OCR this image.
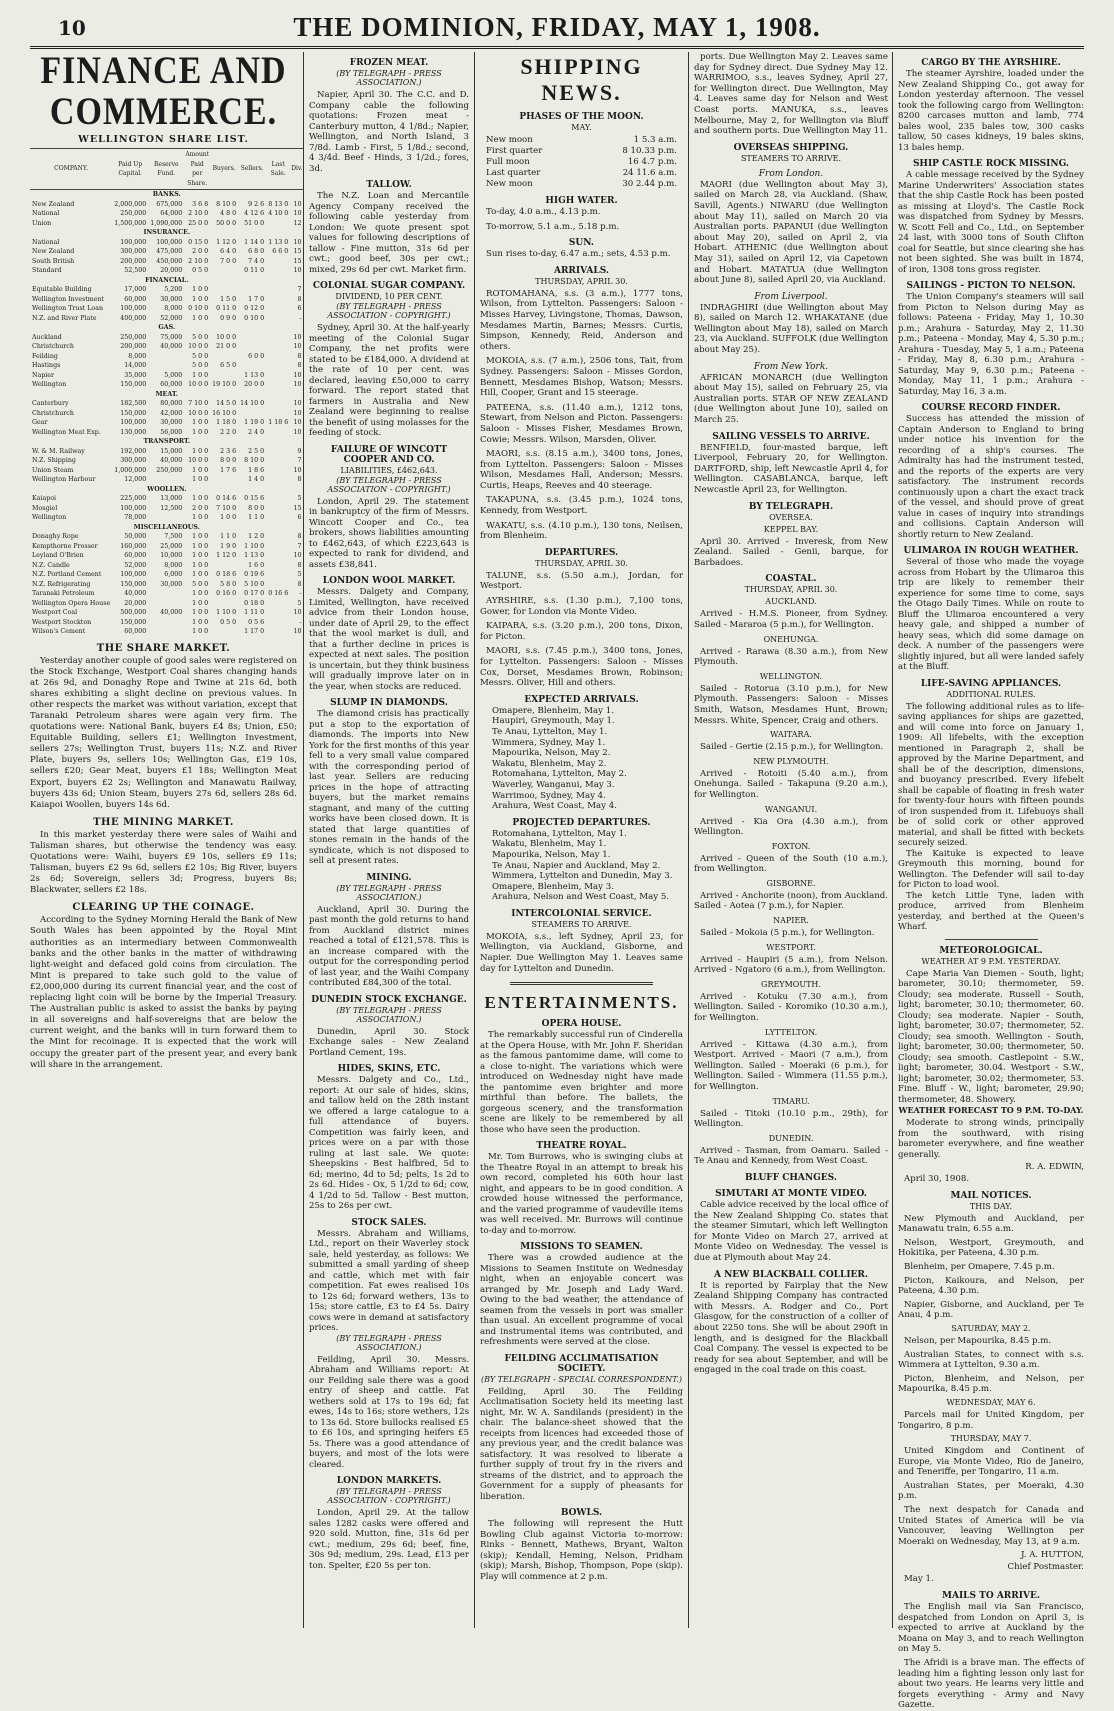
10	THE DOMINION, FRIDAY, MAY 1, 1908.
FINANCE AND COMMERCE.
WELLINGTON SHARE LIST.
COMPANY.	Paid Up Capital.	Reserve Fund.	Amount Paid per Share.	Buyers.	Sellers.	Last Sale.	Div.
BANKS.							
New Zealand	2,000,000	675,000	3 6 8	8 10 0	9 2 6	8 13 0	10
National	250,000	64,000	2 10 0	4 8 0	4 12 6	4 10 0	10
Union	1,500,000	1,090,000	25 0 0	50 0 0	51 0 0		12
INSURANCE.							
National	100,000	100,000	0 15 0	1 12 0	1 14 0	1 13 0	10
New Zealand	300,000	475,000	2 0 0	6 4 0	6 8 0	6 6 0	15
South British	200,000	450,000	2 10 0	7 0 0	7 4 0		15
Standard	52,500	20,000	0 5 0		0 11 0		10
FINANCIAL.							
Equitable Building	17,000	5,200	1 0 0				7
Wellington Investment	60,000	30,000	1 0 0	1 5 0	1 7 0		8
Wellington Trust Loan	100,000	8,000	0 10 0	0 11 0	0 12 0		6
N.Z. and River Plate	400,000	52,000	1 0 0	0 9 0	0 10 0		-
GAS.							
Auckland	250,000	75,000	5 0 0	10 0 0			10
Christchurch	200,000	40,000	10 0 0	21 0 0			10
Feilding	8,000		5 0 0		6 0 0		8
Hastings	14,000		5 0 0	6 5 0			8
Napier	35,000	5,000	1 0 0		1 13 0		10
Wellington	150,000	60,000	10 0 0	19 10 0	20 0 0		10
MEAT.							
Canterbury	182,500	80,000	7 10 0	14 5 0	14 10 0		10
Christchurch	150,000	42,000	10 0 0	16 10 0			10
Gear	100,000	30,000	1 0 0	1 18 0	1 19 0	1 18 6	10
Wellington Meat Exp.	130,000	56,000	1 0 0	2 2 0	2 4 0		10
TRANSPORT.							
W. & M. Railway	192,000	15,000	1 0 0	2 3 6	2 5 0		9
N.Z. Shipping	300,000	40,000	10 0 0	8 0 0	8 10 0		7
Union Steam	1,000,000	250,000	1 0 0	1 7 6	1 8 6		10
Wellington Harbour	12,000		1 0 0		1 4 0		8
WOOLLEN.							
Kaiapoi	225,000	13,000	1 0 0	0 14 6	0 15 6		5
Mosgiel	100,000	12,500	2 0 0	7 10 0	8 0 0		15
Wellington	78,000		1 0 0	1 0 0	1 1 0		6
MISCELLANEOUS.							
Donaghy Rope	50,000	7,500	1 0 0	1 1 0	1 2 0		8
Kempthorne Prosser	160,000	25,000	1 0 0	1 9 0	1 10 0		7
Leyland O'Brien	60,000	10,000	1 0 0	1 12 0	1 13 0		10
N.Z. Candle	52,000	8,000	1 0 0		1 6 0		8
N.Z. Portland Cement	100,000	6,000	1 0 0	0 18 6	0 19 6		5
N.Z. Refrigerating	150,000	30,000	5 0 0	5 8 0	5 10 0		8
Taranaki Petroleum	40,000		1 0 0	0 16 0	0 17 0	0 16 6	-
Wellington Opera House	20,000		1 0 0		0 18 0		5
Westport Coal	500,000	40,000	1 0 0	1 10 0	1 11 0		10
Westport Stockton	150,000		1 0 0	0 5 0	0 5 6		-
Wilson's Cement	60,000		1 0 0		1 17 0		10
THE SHARE MARKET.

Yesterday another couple of good sales were registered on the Stock Exchange, Westport Coal shares changing hands at 26s 9d, and Donaghy Rope and Twine at 21s 6d, both shares exhibiting a slight decline on previous values. In other respects the market was without variation, except that Taranaki Petroleum shares were again very firm. The quotations were: National Bank, buyers £4 8s; Union, £50; Equitable Building, sellers £1; Wellington Investment, sellers 27s; Wellington Trust, buyers 11s; N.Z. and River Plate, buyers 9s, sellers 10s; Wellington Gas, £19 10s, sellers £20; Gear Meat, buyers £1 18s; Wellington Meat Export, buyers £2 2s; Wellington and Manawatu Railway, buyers 43s 6d; Union Steam, buyers 27s 6d, sellers 28s 6d. Kaiapoi Woollen, buyers 14s 6d.

THE MINING MARKET.

In this market yesterday there were sales of Waihi and Talisman shares, but otherwise the tendency was easy. Quotations were: Waihi, buyers £9 10s, sellers £9 11s; Talisman, buyers £2 9s 6d, sellers £2 10s; Big River, buyers 2s 6d; Sovereign, sellers 3d; Progress, buyers 8s; Blackwater, sellers £2 18s.

CLEARING UP THE COINAGE.

According to the Sydney Morning Herald the Bank of New South Wales has been appointed by the Royal Mint authorities as an intermediary between Commonwealth banks and the other banks in the matter of withdrawing light-weight and defaced gold coins from circulation. The Mint is prepared to take such gold to the value of £2,000,000 during its current financial year, and the cost of replacing light coin will be borne by the Imperial Treasury. The Australian public is asked to assist the banks by paying in all sovereigns and half-sovereigns that are below the current weight, and the banks will in turn forward them to the Mint for recoinage. It is expected that the work will occupy the greater part of the present year, and every bank will share in the arrangement.

FROZEN MEAT.
(BY TELEGRAPH - PRESS ASSOCIATION.)

Napier, April 30. The C.C. and D. Company cable the following quotations: Frozen meat - Canterbury mutton, 4 1/8d.; Napier, Wellington, and North Island, 3 7/8d. Lamb - First, 5 1/8d.; second, 4 3/4d. Beef - Hinds, 3 1/2d.; fores, 3d.

TALLOW.

The N.Z. Loan and Mercantile Agency Company received the following cable yesterday from London: We quote present spot values for following descriptions of tallow - Fine mutton, 31s 6d per cwt.; good beef, 30s per cwt.; mixed, 29s 6d per cwt. Market firm.

COLONIAL SUGAR COMPANY.
DIVIDEND, 10 PER CENT.
(BY TELEGRAPH - PRESS ASSOCIATION - COPYRIGHT.)

Sydney, April 30. At the half-yearly meeting of the Colonial Sugar Company, the net profits were stated to be £184,000. A dividend at the rate of 10 per cent. was declared, leaving £50,000 to carry forward. The report stated that farmers in Australia and New Zealand were beginning to realise the benefit of using molasses for the feeding of stock.

FAILURE OF WINCOTT COOPER AND CO.
LIABILITIES, £462,643.
(BY TELEGRAPH - PRESS ASSOCIATION - COPYRIGHT.)

London, April 29. The statement in bankruptcy of the firm of Messrs. Wincott Cooper and Co., tea brokers, shows liabilities amounting to £462,643, of which £223,643 is expected to rank for dividend, and assets £38,841.

LONDON WOOL MARKET.

Messrs. Dalgety and Company, Limited, Wellington, have received advice from their London house, under date of April 29, to the effect that the wool market is dull, and that a further decline in prices is expected at next sales. The position is uncertain, but they think business will gradually improve later on in the year, when stocks are reduced.

SLUMP IN DIAMONDS.

The diamond crisis has practically put a stop to the exportation of diamonds. The imports into New York for the first months of this year fell to a very small value compared with the corresponding period of last year. Sellers are reducing prices in the hope of attracting buyers, but the market remains stagnant, and many of the cutting works have been closed down. It is stated that large quantities of stones remain in the hands of the syndicate, which is not disposed to sell at present rates.

MINING.
(BY TELEGRAPH - PRESS ASSOCIATION.)

Auckland, April 30. During the past month the gold returns to hand from Auckland district mines reached a total of £121,578. This is an increase compared with the output for the corresponding period of last year, and the Waihi Company contributed £84,300 of the total.

DUNEDIN STOCK EXCHANGE.
(BY TELEGRAPH - PRESS ASSOCIATION.)

Dunedin, April 30. Stock Exchange sales - New Zealand Portland Cement, 19s.

HIDES, SKINS, ETC.

Messrs. Dalgety and Co., Ltd., report: At our sale of hides, skins, and tallow held on the 28th instant we offered a large catalogue to a full attendance of buyers. Competition was fairly keen, and prices were on a par with those ruling at last sale. We quote: Sheepskins - Best halfbred, 5d to 6d; merino, 4d to 5d; pelts, 1s 2d to 2s 6d. Hides - Ox, 5 1/2d to 6d; cow, 4 1/2d to 5d. Tallow - Best mutton, 25s to 26s per cwt.

STOCK SALES.

Messrs. Abraham and Williams, Ltd., report on their Waverley stock sale, held yesterday, as follows: We submitted a small yarding of sheep and cattle, which met with fair competition. Fat ewes realised 10s to 12s 6d; forward wethers, 13s to 15s; store cattle, £3 to £4 5s. Dairy cows were in demand at satisfactory prices.

(BY TELEGRAPH - PRESS ASSOCIATION.)

Feilding, April 30. Messrs. Abraham and Williams report: At our Feilding sale there was a good entry of sheep and cattle. Fat wethers sold at 17s to 19s 6d; fat ewes, 14s to 16s; store wethers, 12s to 13s 6d. Store bullocks realised £5 to £6 10s, and springing heifers £5 5s. There was a good attendance of buyers, and most of the lots were cleared.

LONDON MARKETS.
(BY TELEGRAPH - PRESS ASSOCIATION - COPYRIGHT.)

London, April 29. At the tallow sales 1282 casks were offered and 920 sold. Mutton, fine, 31s 6d per cwt.; medium, 29s 6d; beef, fine, 30s 9d; medium, 29s. Lead, £13 per ton. Spelter, £20 5s per ton.

SHIPPING NEWS.
PHASES OF THE MOON.
MAY.
New moon	1 5.3 a.m.
First quarter	8 10.33 p.m.
Full moon	16 4.7 p.m.
Last quarter	24 11.6 a.m.
New moon	30 2.44 p.m.
HIGH WATER.
To-day, 4.0 a.m., 4.13 p.m.
To-morrow, 5.1 a.m., 5.18 p.m.
SUN.
Sun rises to-day, 6.47 a.m.; sets, 4.53 p.m.
ARRIVALS.
THURSDAY, APRIL 30.
ROTOMAHANA, s.s. (3 a.m.), 1777 tons, Wilson, from Lyttelton. Passengers: Saloon - Misses Harvey, Livingstone, Thomas, Dawson, Mesdames Martin, Barnes; Messrs. Curtis, Simpson, Kennedy, Reid, Anderson and others.
MOKOIA, s.s. (7 a.m.), 2506 tons, Tait, from Sydney. Passengers: Saloon - Misses Gordon, Bennett, Mesdames Bishop, Watson; Messrs. Hill, Cooper, Grant and 15 steerage.
PATEENA, s.s. (11.40 a.m.), 1212 tons, Stewart, from Nelson and Picton. Passengers: Saloon - Misses Fisher, Mesdames Brown, Cowie; Messrs. Wilson, Marsden, Oliver.
MAORI, s.s. (8.15 a.m.), 3400 tons, Jones, from Lyttelton. Passengers: Saloon - Misses Wilson, Mesdames Hall, Anderson; Messrs. Curtis, Heaps, Reeves and 40 steerage.
TAKAPUNA, s.s. (3.45 p.m.), 1024 tons, Kennedy, from Westport.
WAKATU, s.s. (4.10 p.m.), 130 tons, Neilsen, from Blenheim.
DEPARTURES.
THURSDAY, APRIL 30.
TALUNE, s.s. (5.50 a.m.), Jordan, for Westport.
AYRSHIRE, s.s. (1.30 p.m.), 7,100 tons, Gower, for London via Monte Video.
KAIPARA, s.s. (3.20 p.m.), 200 tons, Dixon, for Picton.
MAORI, s.s. (7.45 p.m.), 3400 tons, Jones, for Lyttelton. Passengers: Saloon - Misses Cox, Dorset, Mesdames Brown, Robinson; Messrs. Oliver, Hill and others.
EXPECTED ARRIVALS.
Omapere, Blenheim, May 1.
Haupiri, Greymouth, May 1.
Te Anau, Lyttelton, May 1.
Wimmera, Sydney, May 1.
Mapourika, Nelson, May 2.
Wakatu, Blenheim, May 2.
Rotomahana, Lyttelton, May 2.
Waverley, Wanganui, May 3.
Warrimoo, Sydney, May 4.
Arahura, West Coast, May 4.
PROJECTED DEPARTURES.
Rotomahana, Lyttelton, May 1.
Wakatu, Blenheim, May 1.
Mapourika, Nelson, May 1.
Te Anau, Napier and Auckland, May 2.
Wimmera, Lyttelton and Dunedin, May 3.
Omapere, Blenheim, May 3.
Arahura, Nelson and West Coast, May 5.
INTERCOLONIAL SERVICE.
STEAMERS TO ARRIVE.
MOKOIA, s.s., left Sydney, April 23, for Wellington, via Auckland, Gisborne, and Napier. Due Wellington May 1. Leaves same day for Lyttelton and Dunedin.
ENTERTAINMENTS.
OPERA HOUSE.

The remarkably successful run of Cinderella at the Opera House, with Mr. John F. Sheridan as the famous pantomime dame, will come to a close to-night. The variations which were introduced on Wednesday night have made the pantomime even brighter and more mirthful than before. The ballets, the gorgeous scenery, and the transformation scene are likely to be remembered by all those who have seen the production.

THEATRE ROYAL.

Mr. Tom Burrows, who is swinging clubs at the Theatre Royal in an attempt to break his own record, completed his 60th hour last night, and appears to be in good condition. A crowded house witnessed the performance, and the varied programme of vaudeville items was well received. Mr. Burrows will continue to-day and to-morrow.

MISSIONS TO SEAMEN.

There was a crowded audience at the Missions to Seamen Institute on Wednesday night, when an enjoyable concert was arranged by Mr. Joseph and Lady Ward. Owing to the bad weather, the attendance of seamen from the vessels in port was smaller than usual. An excellent programme of vocal and instrumental items was contributed, and refreshments were served at the close.

FEILDING ACCLIMATISATION SOCIETY.
(BY TELEGRAPH - SPECIAL CORRESPONDENT.)

Feilding, April 30. The Feilding Acclimatisation Society held its meeting last night, Mr. W. A. Sandilands (president) in the chair. The balance-sheet showed that the receipts from licences had exceeded those of any previous year, and the credit balance was satisfactory. It was resolved to liberate a further supply of trout fry in the rivers and streams of the district, and to approach the Government for a supply of pheasants for liberation.

BOWLS.

The following will represent the Hutt Bowling Club against Victoria to-morrow: Rinks - Bennett, Mathews, Bryant, Walton (skip); Kendall, Heming, Nelson, Pridham (skip); Marsh, Bishop, Thompson, Pope (skip). Play will commence at 2 p.m.

ports. Due Wellington May 2. Leaves same day for Sydney direct. Due Sydney May 12. WARRIMOO, s.s., leaves Sydney, April 27, for Wellington direct. Due Wellington, May 4. Leaves same day for Nelson and West Coast ports. MANUKA, s.s., leaves Melbourne, May 2, for Wellington via Bluff and southern ports. Due Wellington May 11.
OVERSEAS SHIPPING.
STEAMERS TO ARRIVE.
From London.
MAORI (due Wellington about May 3), sailed on March 28, via Auckland. (Shaw, Savill, Agents.) NIWARU (due Wellington about May 11), sailed on March 20 via Australian ports. PAPANUI (due Wellington about May 20), sailed on April 2, via Hobart. ATHENIC (due Wellington about May 31), sailed on April 12, via Capetown and Hobart. MATATUA (due Wellington about June 8), sailed April 20, via Auckland.
From Liverpool.
INDRAGHIRI (due Wellington about May 8), sailed on March 12. WHAKATANE (due Wellington about May 18), sailed on March 23, via Auckland. SUFFOLK (due Wellington about May 25).
From New York.
AFRICAN MONARCH (due Wellington about May 15), sailed on February 25, via Australian ports. STAR OF NEW ZEALAND (due Wellington about June 10), sailed on March 25.
SAILING VESSELS TO ARRIVE.
BENFIELD, four-masted barque, left Liverpool, February 20, for Wellington. DARTFORD, ship, left Newcastle April 4, for Wellington. CASABLANCA, barque, left Newcastle April 23, for Wellington.
BY TELEGRAPH.
OVERSEA.
KEPPEL BAY.
April 30. Arrived - Inveresk, from New Zealand. Sailed - Genii, barque, for Barbadoes.
COASTAL.
THURSDAY, APRIL 30.
AUCKLAND.
Arrived - H.M.S. Pioneer, from Sydney. Sailed - Mararoa (5 p.m.), for Wellington.
ONEHUNGA.
Arrived - Rarawa (8.30 a.m.), from New Plymouth.
WELLINGTON.
Sailed - Rotorua (3.10 p.m.), for New Plymouth. Passengers: Saloon - Misses Smith, Watson, Mesdames Hunt, Brown; Messrs. White, Spencer, Craig and others.
WAITARA.
Sailed - Gertie (2.15 p.m.), for Wellington.
NEW PLYMOUTH.
Arrived - Rotoiti (5.40 a.m.), from Onehunga. Sailed - Takapuna (9.20 a.m.), for Wellington.
WANGANUI.
Arrived - Kia Ora (4.30 a.m.), from Wellington.
FOXTON.
Arrived - Queen of the South (10 a.m.), from Wellington.
GISBORNE.
Arrived - Anchorite (noon), from Auckland. Sailed - Aotea (7 p.m.), for Napier.
NAPIER.
Sailed - Mokoia (5 p.m.), for Wellington.
WESTPORT.
Arrived - Haupiri (5 a.m.), from Nelson. Arrived - Ngatoro (6 a.m.), from Wellington.
GREYMOUTH.
Arrived - Kotuku (7.30 a.m.), from Wellington. Sailed - Koromiko (10.30 a.m.), for Wellington.
LYTTELTON.
Arrived - Kittawa (4.30 a.m.), from Westport. Arrived - Maori (7 a.m.), from Wellington. Sailed - Moeraki (6 p.m.), for Wellington. Sailed - Wimmera (11.55 p.m.), for Wellington.
TIMARU.
Sailed - Titoki (10.10 p.m., 29th), for Wellington.
DUNEDIN.
Arrived - Tasman, from Oamaru. Sailed - Te Anau and Kennedy, from West Coast.
BLUFF CHANGES.
SIMUTARI AT MONTE VIDEO.
Cable advice received by the local office of the New Zealand Shipping Co. states that the steamer Simutari, which left Wellington for Monte Video on March 27, arrived at Monte Video on Wednesday. The vessel is due at Plymouth about May 24.
A NEW BLACKBALL COLLIER.
It is reported by Fairplay that the New Zealand Shipping Company has contracted with Messrs. A. Rodger and Co., Port Glasgow, for the construction of a collier of about 2250 tons. She will be about 290ft in length, and is designed for the Blackball Coal Company. The vessel is expected to be ready for sea about September, and will be engaged in the coal trade on this coast.
CARGO BY THE AYRSHIRE.

The steamer Ayrshire, loaded under the New Zealand Shipping Co., got away for London yesterday afternoon. The vessel took the following cargo from Wellington: 8200 carcases mutton and lamb, 774 bales wool, 235 bales tow, 300 casks tallow, 50 cases kidneys, 19 bales skins, 13 bales hemp.

SHIP CASTLE ROCK MISSING.

A cable message received by the Sydney Marine Underwriters' Association states that the ship Castle Rock has been posted as missing at Lloyd's. The Castle Rock was dispatched from Sydney by Messrs. W. Scott Fell and Co., Ltd., on September 24 last, with 3000 tons of South Clifton coal for Seattle, but since clearing she has not been sighted. She was built in 1874, of iron, 1308 tons gross register.

SAILINGS - PICTON TO NELSON.

The Union Company's steamers will sail from Picton to Nelson during May as follows: Pateena - Friday, May 1, 10.30 p.m.; Arahura - Saturday, May 2, 11.30 p.m.; Pateena - Monday, May 4, 5.30 p.m.; Arahura - Tuesday, May 5, 1 a.m.; Pateena - Friday, May 8, 6.30 p.m.; Arahura - Saturday, May 9, 6.30 p.m.; Pateena - Monday, May 11, 1 p.m.; Arahura - Saturday, May 16, 3 a.m.

COURSE RECORD FINDER.

Success has attended the mission of Captain Anderson to England to bring under notice his invention for the recording of a ship's courses. The Admiralty has had the instrument tested, and the reports of the experts are very satisfactory. The instrument records continuously upon a chart the exact track of the vessel, and should prove of great value in cases of inquiry into strandings and collisions. Captain Anderson will shortly return to New Zealand.

ULIMAROA IN ROUGH WEATHER.

Several of those who made the voyage across from Hobart by the Ulimaroa this trip are likely to remember their experience for some time to come, says the Otago Daily Times. While on route to Bluff the Ulimaroa encountered a very heavy gale, and shipped a number of heavy seas, which did some damage on deck. A number of the passengers were slightly injured, but all were landed safely at the Bluff.

LIFE-SAVING APPLIANCES.
ADDITIONAL RULES.

The following additional rules as to life-saving appliances for ships are gazetted, and will come into force on January 1, 1909: All lifebelts, with the exception mentioned in Paragraph 2, shall be approved by the Marine Department, and shall be of the description, dimensions, and buoyancy prescribed. Every lifebelt shall be capable of floating in fresh water for twenty-four hours with fifteen pounds of iron suspended from it. Lifebuoys shall be of solid cork or other approved material, and shall be fitted with beckets securely seized.

The Kaituke is expected to leave Greymouth this morning, bound for Wellington. The Defender will sail to-day for Picton to load wool.

The ketch Little Tyne, laden with produce, arrived from Blenheim yesterday, and berthed at the Queen's Wharf.

METEOROLOGICAL.
WEATHER AT 9 P.M. YESTERDAY.

Cape Maria Van Diemen - South, light; barometer, 30.10; thermometer, 59. Cloudy; sea moderate. Russell - South, light; barometer, 30.10; thermometer, 60. Cloudy; sea moderate. Napier - South, light; barometer, 30.07; thermometer, 52. Cloudy; sea smooth. Wellington - South, light; barometer, 30.00; thermometer, 50. Cloudy; sea smooth. Castlepoint - S.W., light; barometer, 30.04. Westport - S.W., light; barometer, 30.02; thermometer, 53. Fine. Bluff - W., light; barometer, 29.90; thermometer, 48. Showery.

WEATHER FORECAST TO 9 P.M. TO-DAY.

Moderate to strong winds, principally from the southward, with rising barometer everywhere, and fine weather generally.

R. A. EDWIN,
April 30, 1908.
MAIL NOTICES.
THIS DAY.
New Plymouth and Auckland, per Manawatu train, 6.55 a.m.
Nelson, Westport, Greymouth, and Hokitika, per Pateena, 4.30 p.m.
Blenheim, per Omapere, 7.45 p.m.
Picton, Kaikoura, and Nelson, per Pateena, 4.30 p.m.
Napier, Gisborne, and Auckland, per Te Anau, 4 p.m.
SATURDAY, MAY 2.
Nelson, per Mapourika, 8.45 p.m.
Australian States, to connect with s.s. Wimmera at Lyttelton, 9.30 a.m.
Picton, Blenheim, and Nelson, per Mapourika, 8.45 p.m.
WEDNESDAY, MAY 6.
Parcels mail for United Kingdom, per Tongariro, 8 p.m.
THURSDAY, MAY 7.
United Kingdom and Continent of Europe, via Monte Video, Rio de Janeiro, and Teneriffe, per Tongariro, 11 a.m.
Australian States, per Moeraki, 4.30 p.m.
The next despatch for Canada and United States of America will be via Vancouver, leaving Wellington per Moeraki on Wednesday, May 13, at 9 a.m.
J. A. HUTTON,
Chief Postmaster.
May 1.
MAILS TO ARRIVE.
The English mail via San Francisco, despatched from London on April 3, is expected to arrive at Auckland by the Moana on May 3, and to reach Wellington on May 5.
The Afridi is a brave man. The effects of leading him a fighting lesson only last for about two years. He learns very little and forgets everything - Army and Navy Gazette.
